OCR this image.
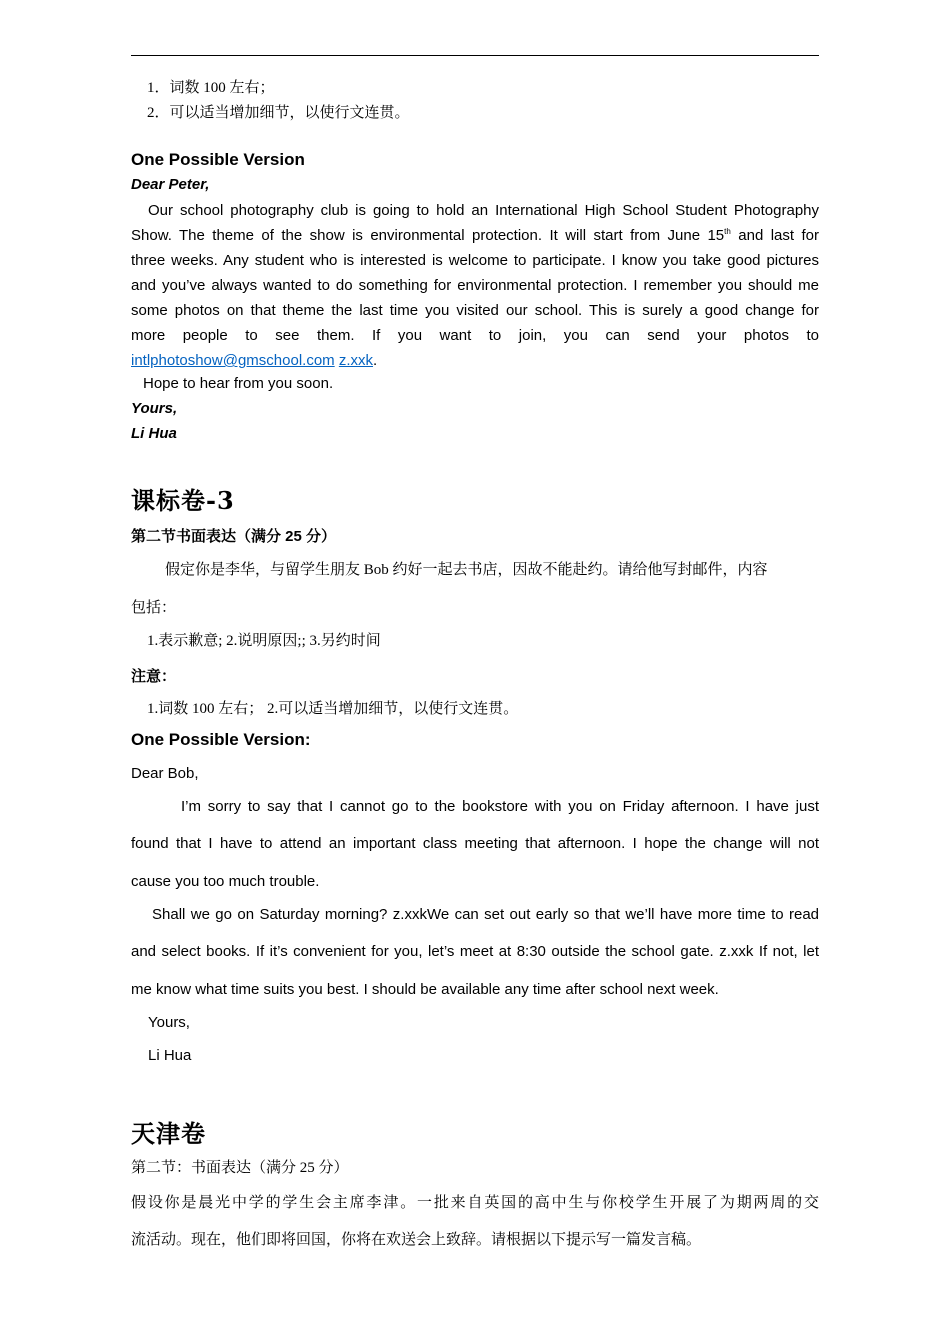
1．词数 100 左右；
2．可以适当增加细节，以使行文连贯。
One Possible Version
Dear Peter,
Our school photography club is going to hold an International High School Student Photography
Show. The theme of the show is environmental protection. It will start from June 15th and last for
three weeks. Any student who is interested is welcome to participate. I know you take good pictures
and you’ve always wanted to do something for environmental protection. I remember you should me
some photos on that theme the last time you visited our school. This is surely a good change for
more people to see them. If you want to join, you can send your photos to
intlphotoshow@gmschool.com z.xxk.
Hope to hear from you soon.
Yours,
Li Hua
课标卷-3
第二节书面表达（满分 25 分）
假定你是李华，与留学生朋友 Bob 约好一起去书店，因故不能赴约。请给他写封邮件，内容
包括：
1.表示歉意; 2.说明原因;; 3.另约时间
注意：
1.词数 100 左右； 2.可以适当增加细节，以使行文连贯。
One Possible Version:
Dear Bob,
I’m sorry to say that I cannot go to the bookstore with you on Friday afternoon. I have just
found that I have to attend an important class meeting that afternoon. I hope the change will not
cause you too much trouble.
Shall we go on Saturday morning? z.xxkWe can set out early so that we’ll have more time to read
and select books. If it’s convenient for you, let’s meet at 8:30 outside the school gate. z.xxk If not, let
me know what time suits you best. I should be available any time after school next week.
Yours,
Li Hua
天津卷
第二节：书面表达（满分 25 分）
假设你是晨光中学的学生会主席李津。一批来自英国的高中生与你校学生开展了为期两周的交
流活动。现在，他们即将回国，你将在欢送会上致辞。请根据以下提示写一篇发言稿。
